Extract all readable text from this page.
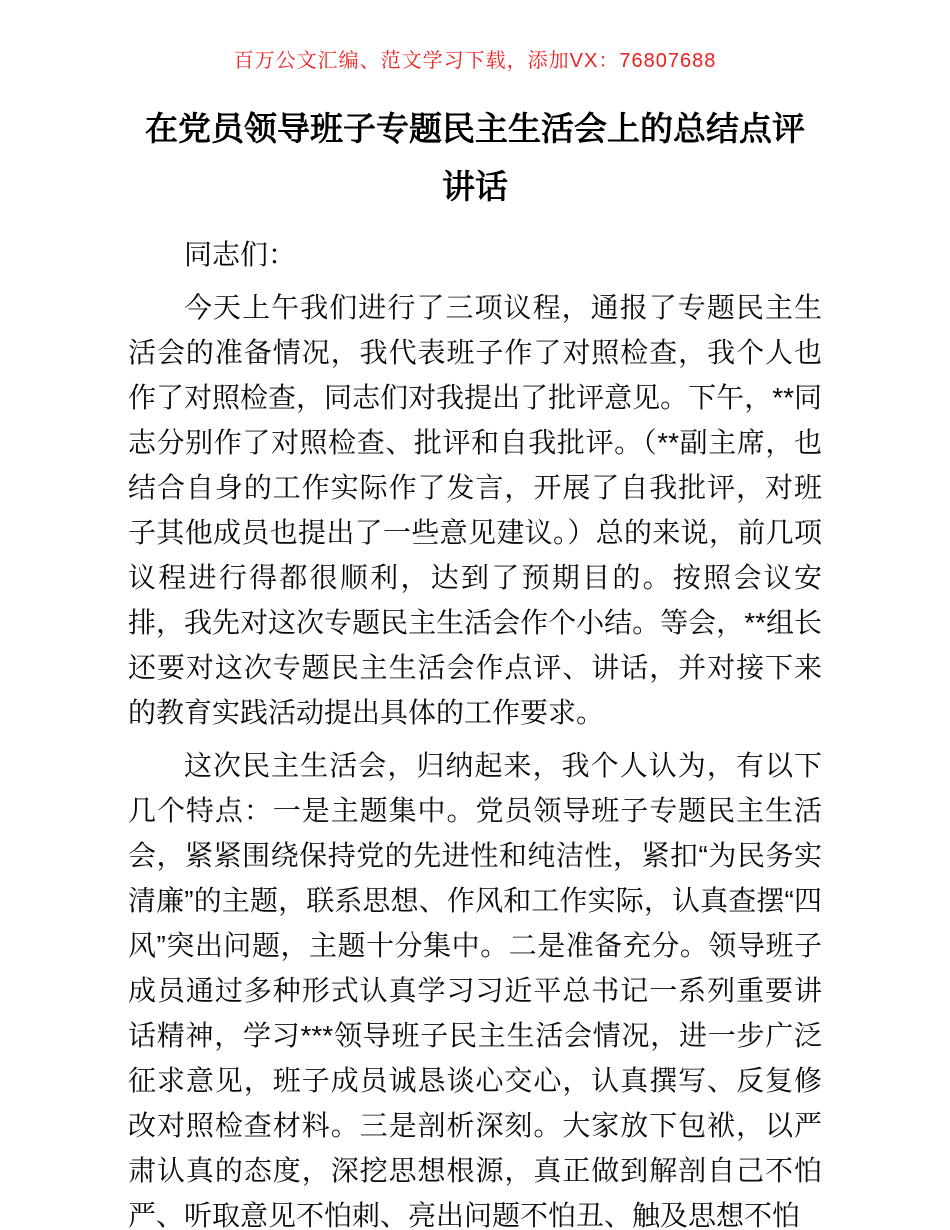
百万公文汇编、范文学习下载，添加VX：76807688
在党员领导班子专题民主生活会上的总结点评讲话

同志们：

今天上午我们进行了三项议程，通报了专题民主生活会的准备情况，我代表班子作了对照检查，我个人也作了对照检查，同志们对我提出了批评意见。下午，**同志分别作了对照检查、批评和自我批评。（**副主席，也结合自身的工作实际作了发言，开展了自我批评，对班子其他成员也提出了一些意见建议。）总的来说，前几项议程进行得都很顺利，达到了预期目的。按照会议安排，我先对这次专题民主生活会作个小结。等会，**组长还要对这次专题民主生活会作点评、讲话，并对接下来的教育实践活动提出具体的工作要求。

这次民主生活会，归纳起来，我个人认为，有以下几个特点：一是主题集中。党员领导班子专题民主生活会，紧紧围绕保持党的先进性和纯洁性，紧扣“为民务实清廉”的主题，联系思想、作风和工作实际，认真查摆“四风”突出问题，主题十分集中。二是准备充分。领导班子成员通过多种形式认真学习习近平总书记一系列重要讲话精神，学习***领导班子民主生活会情况，进一步广泛征求意见，班子成员诚恳谈心交心，认真撰写、反复修改对照检查材料。三是剖析深刻。大家放下包袱，以严肃认真的态度，深挖思想根源，真正做到解剖自己不怕严、听取意见不怕刺、亮出问题不怕丑、触及思想不怕
